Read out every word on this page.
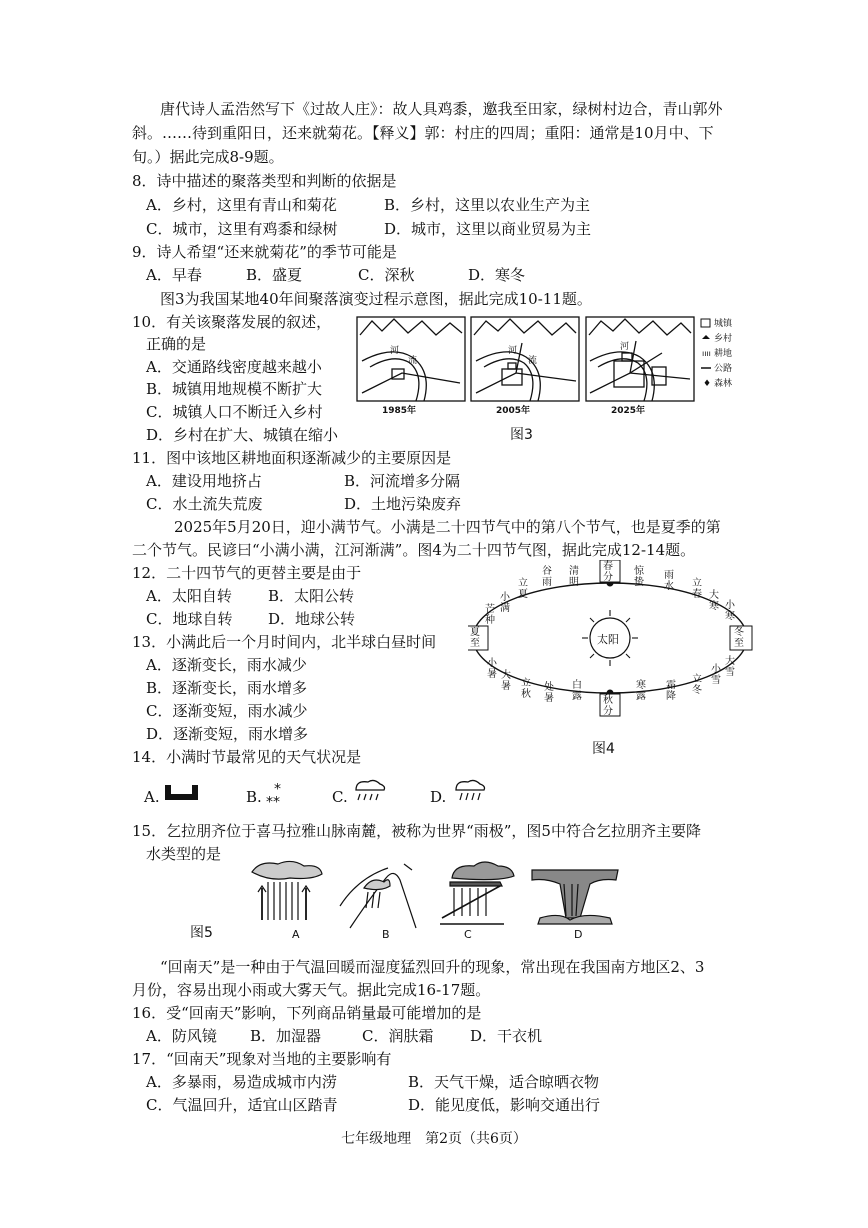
唐代诗人孟浩然写下《过故人庄》：故人具鸡黍，邀我至田家，绿树村边合，青山郭外
斜。……待到重阳日，还来就菊花。【释义】郭：村庄的四周；重阳：通常是10月中、下
旬。）据此完成8-9题。
8．诗中描述的聚落类型和判断的依据是
A．乡村，这里有青山和菊花	B．乡村，这里以农业生产为主
C．城市，这里有鸡黍和绿树	D．城市，这里以商业贸易为主
9．诗人希望“还来就菊花”的季节可能是
A．早春	B．盛夏	C．深秋	D．寒冬
图3为我国某地40年间聚落演变过程示意图，据此完成10-11题。
10．有关该聚落发展的叙述，
正确的是
A．交通路线密度越来越小
B．城镇用地规模不断扩大
C．城镇人口不断迁入乡村
D．乡村在扩大、城镇在缩小
河
流
河
流
河
1985年	2005年	2025年
城镇
乡村
ıııı 耕地
公路
♦ 森林
图3
11．图中该地区耕地面积逐渐减少的主要原因是
A．建设用地挤占	B．河流增多分隔
C．水土流失荒废	D．土地污染废弃
2025年5月20日，迎小满节气。小满是二十四节气中的第八个节气，也是夏季的第
二个节气。民谚曰“小满小满，江河渐满”。图4为二十四节气图，据此完成12-14题。
12．二十四节气的更替主要是由于
A．太阳自转 B．太阳公转
C．地球自转 D．地球公转
13．小满此后一个月时间内，北半球白昼时间
A．逐渐变长，雨水减少
B．逐渐变长，雨水增多
C．逐渐变短，雨水减少
D．逐渐变短，雨水增多
太阳
春分
秋分
夏至
冬至
谷雨
清明
惊蛰
雨水
立夏
小满
芒种
立春 大寒 小寒
白露
寒露
小暑 大暑 立秋
处暑
大雪
小雪
立冬
霜降
图4
14．小满时节最常见的天气状况是
A.	B.
⁎
⁎⁎	C.	D.
15．乞拉朋齐位于喜马拉雅山脉南麓，被称为世界“雨极”，图5中符合乞拉朋齐主要降
水类型的是
A	B	C	D
图5
“回南天”是一种由于气温回暖而湿度猛烈回升的现象，常出现在我国南方地区2、3
月份，容易出现小雨或大雾天气。据此完成16-17题。
16．受“回南天”影响，下列商品销量最可能增加的是
A．防风镜 B．加湿器	C．润肤霜 D．干衣机
17．“回南天”现象对当地的主要影响有
A．多暴雨，易造成城市内涝	B．天气干燥，适合晾晒衣物
C．气温回升，适宜山区踏青	D．能见度低，影响交通出行
七年级地理　第2页（共6页）
